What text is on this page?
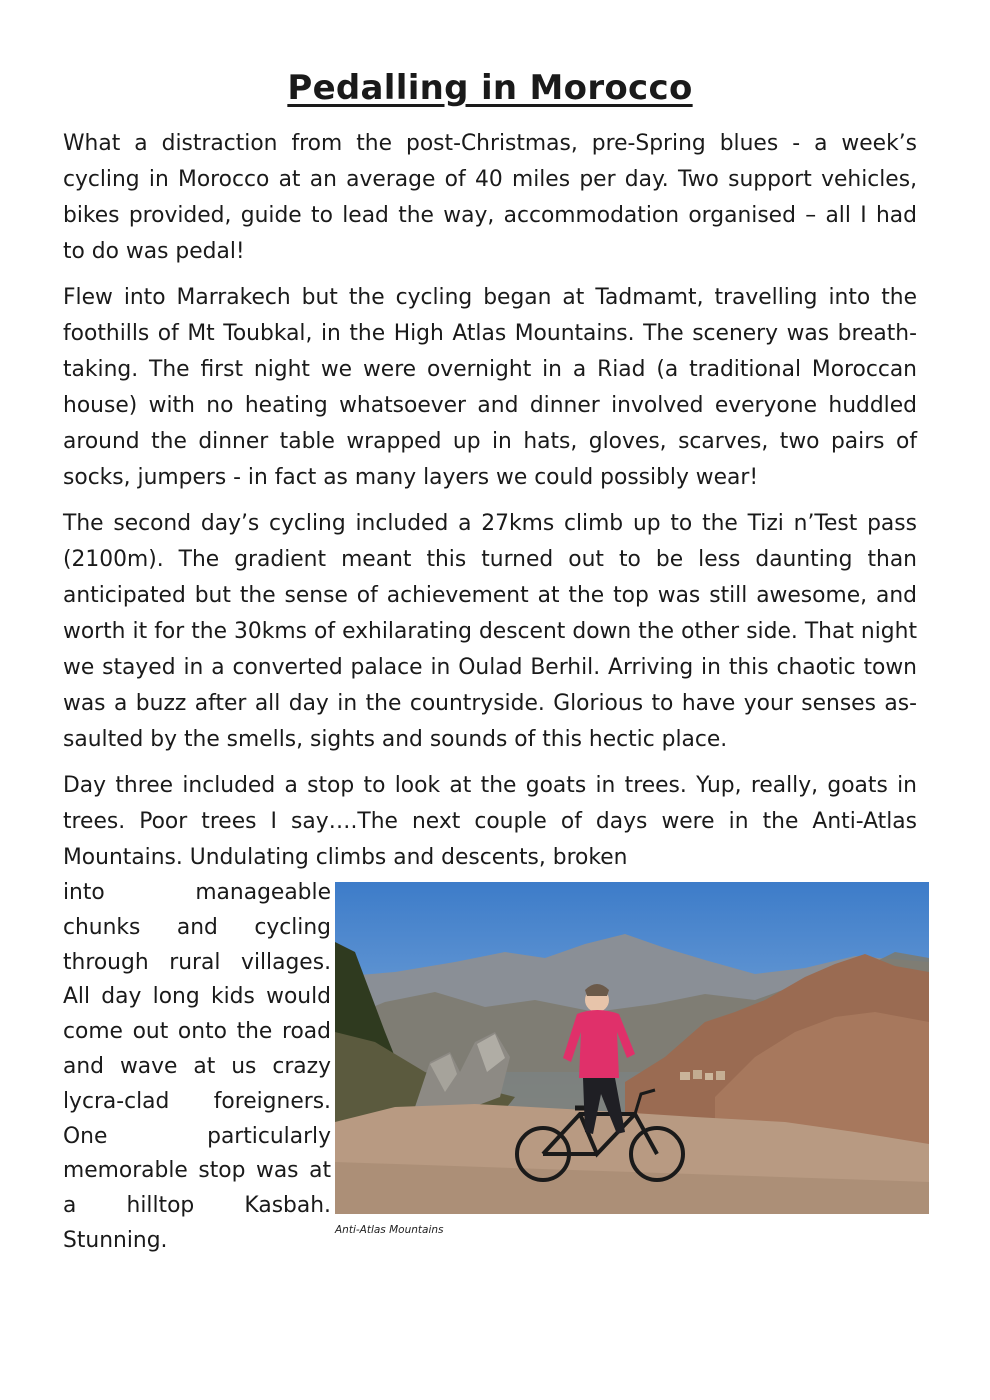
Pedalling in Morocco

What a distraction from the post-Christmas, pre-Spring blues - a week’s cycling in Morocco at an average of 40 miles per day. Two support vehicles, bikes provided, guide to lead the way, accommodation organised – all I had to do was pedal!

Flew into Marrakech but the cycling began at Tadmamt, travelling into the foothills of Mt Toubkal, in the High Atlas Mountains. The scenery was breath-taking. The first night we were overnight in a Riad (a traditional Moroccan house) with no heating whatsoever and dinner involved everyone huddled around the dinner table wrapped up in hats, gloves, scarves, two pairs of socks, jumpers - in fact as many layers we could possibly wear!

The second day’s cycling included a 27kms climb up to the Tizi n’Test pass (2100m). The gradient meant this turned out to be less daunting than anticipated but the sense of achievement at the top was still awesome, and worth it for the 30kms of exhilarating descent down the other side. That night we stayed in a converted palace in Oulad Berhil. Arriving in this chaotic town was a buzz after all day in the countryside. Glorious to have your senses assaulted by the smells, sights and sounds of this hectic place.

Day three included a stop to look at the goats in trees. Yup, really, goats in trees. Poor trees I say….The next couple of days were in the Anti-Atlas Mountains. Undulating climbs and descents, broken

Anti-Atlas Mountains

into manageable chunks and cycling through rural villages. All day long kids would come out onto the road and wave at us crazy lycra-clad foreigners. One particularly memorable stop was at a hilltop Kasbah. Stunning.
